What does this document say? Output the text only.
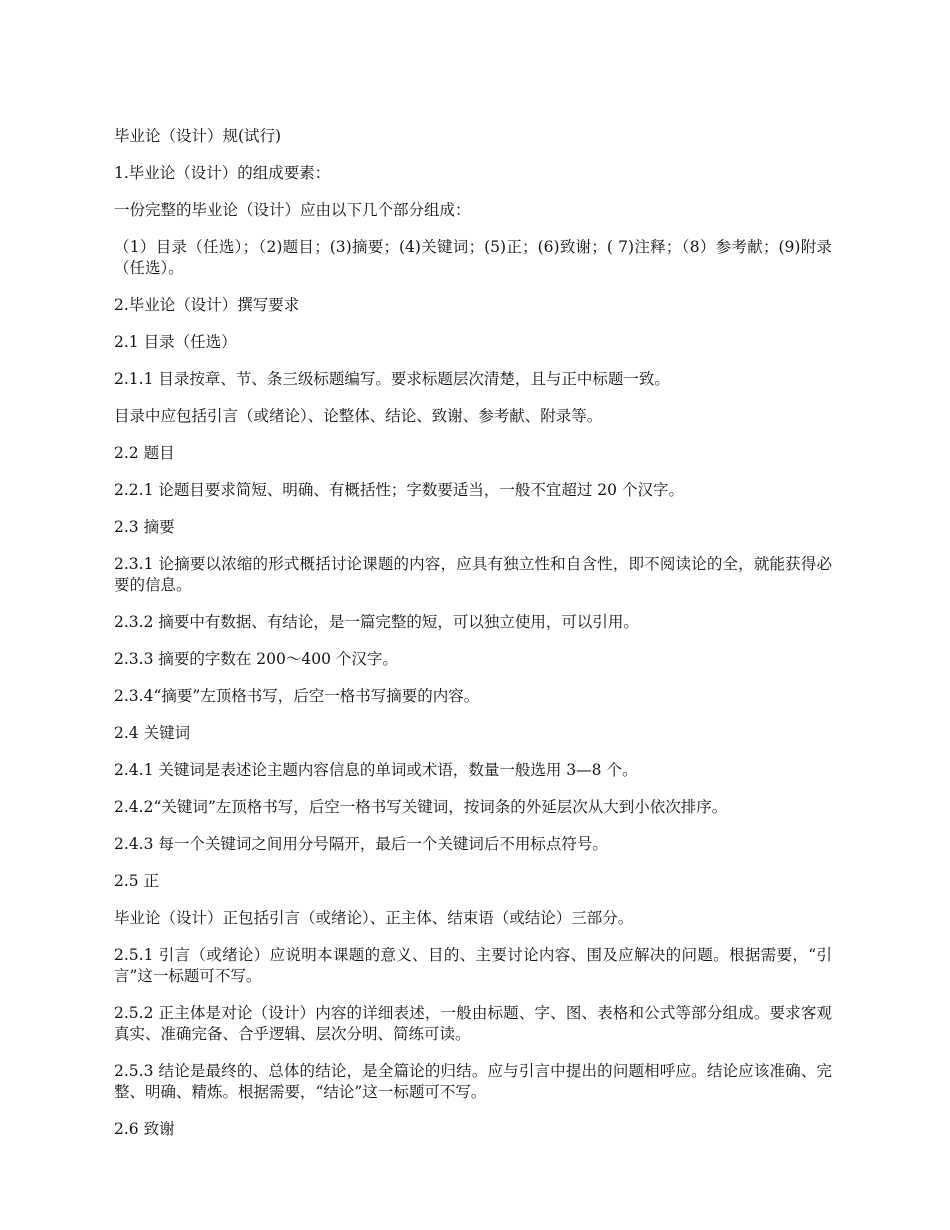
毕业论（设计）规(试行)

1.毕业论（设计）的组成要素：

一份完整的毕业论（设计）应由以下几个部分组成：

（1）目录（任选）；（2)题目；(3)摘要；(4)关键词；(5)正；(6)致谢；( 7)注释；（8）参考献；(9)附录（任选）。

2.毕业论（设计）撰写要求

2.1 目录（任选）

2.1.1 目录按章、节、条三级标题编写。要求标题层次清楚，且与正中标题一致。

目录中应包括引言（或绪论）、论整体、结论、致谢、参考献、附录等。

2.2 题目

2.2.1 论题目要求简短、明确、有概括性；字数要适当，一般不宜超过 20 个汉字。

2.3 摘要

2.3.1 论摘要以浓缩的形式概括讨论课题的内容，应具有独立性和自含性，即不阅读论的全，就能获得必要的信息。

2.3.2 摘要中有数据、有结论，是一篇完整的短，可以独立使用，可以引用。

2.3.3 摘要的字数在 200～400 个汉字。

2.3.4“摘要”左顶格书写，后空一格书写摘要的内容。

2.4 关键词

2.4.1 关键词是表述论主题内容信息的单词或术语，数量一般选用 3—8 个。

2.4.2“关键词”左顶格书写，后空一格书写关键词，按词条的外延层次从大到小依次排序。

2.4.3 每一个关键词之间用分号隔开，最后一个关键词后不用标点符号。

2.5 正

毕业论（设计）正包括引言（或绪论）、正主体、结束语（或结论）三部分。

2.5.1 引言（或绪论）应说明本课题的意义、目的、主要讨论内容、围及应解决的问题。根据需要，“引言”这一标题可不写。

2.5.2 正主体是对论（设计）内容的详细表述，一般由标题、字、图、表格和公式等部分组成。要求客观真实、准确完备、合乎逻辑、层次分明、简练可读。

2.5.3 结论是最终的、总体的结论，是全篇论的归结。应与引言中提出的问题相呼应。结论应该准确、完整、明确、精炼。根据需要，“结论”这一标题可不写。

2.6 致谢
